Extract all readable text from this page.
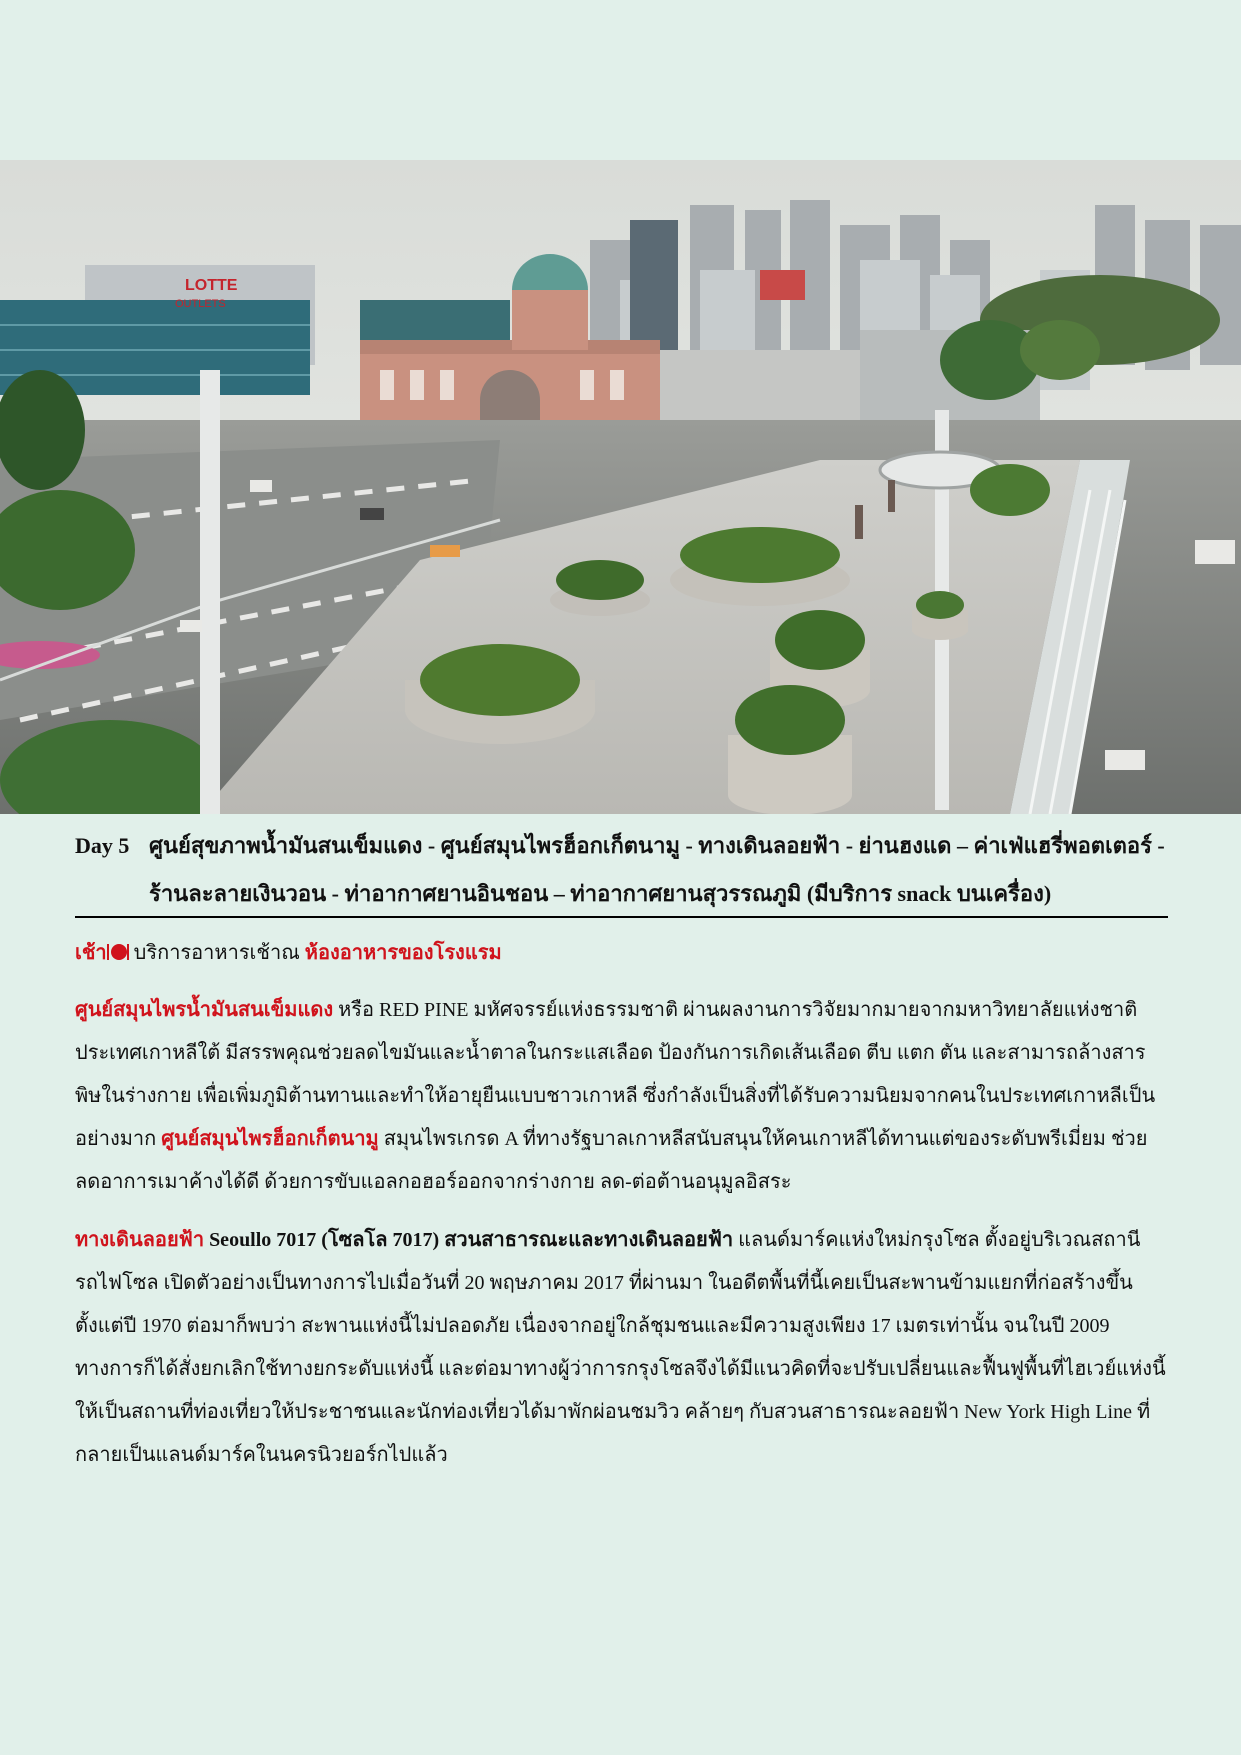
LOTTE
OUTLETS
Day 5 ศูนย์สุขภาพน้ำมันสนเข็มแดง - ศูนย์สมุนไพรฮ็อกเก็ตนามู - ทางเดินลอยฟ้า - ย่านฮงแด – ค่าเฟ่แฮรี่พอตเตอร์ -
ร้านละลายเงินวอน - ท่าอากาศยานอินชอน – ท่าอากาศยานสุวรรณภูมิ (มีบริการ snack บนเครื่อง)
เช้า บริการอาหารเช้าณ ห้องอาหารของโรงแรม
ศูนย์สมุนไพรน้ำมันสนเข็มแดง หรือ RED PINE มหัศจรรย์แห่งธรรมชาติ ผ่านผลงานการวิจัยมากมายจากมหาวิทยาลัยแห่งชาติ ประเทศเกาหลีใต้ มีสรรพคุณช่วยลดไขมันและน้ำตาลในกระแสเลือด ป้องกันการเกิดเส้นเลือด ตีบ แตก ตัน และสามารถล้างสารพิษในร่างกาย เพื่อเพิ่มภูมิต้านทานและทำให้อายุยืนแบบชาวเกาหลี ซึ่งกำลังเป็นสิ่งที่ได้รับความนิยมจากคนในประเทศเกาหลีเป็นอย่างมาก ศูนย์สมุนไพรฮ็อกเก็ตนามู สมุนไพรเกรด A ที่ทางรัฐบาลเกาหลีสนับสนุนให้คนเกาหลีได้ทานแต่ของระดับพรีเมี่ยม ช่วยลดอาการเมาค้างได้ดี ด้วยการขับแอลกอฮอร์ออกจากร่างกาย ลด-ต่อต้านอนุมูลอิสระ
ทางเดินลอยฟ้า Seoullo 7017 (โซลโล 7017) สวนสาธารณะและทางเดินลอยฟ้า แลนด์มาร์คแห่งใหม่กรุงโซล ตั้งอยู่บริเวณสถานีรถไฟโซล เปิดตัวอย่างเป็นทางการไปเมื่อวันที่ 20 พฤษภาคม 2017 ที่ผ่านมา ในอดีตพื้นที่นี้เคยเป็นสะพานข้ามแยกที่ก่อสร้างขึ้นตั้งแต่ปี 1970 ต่อมาก็พบว่า สะพานแห่งนี้ไม่ปลอดภัย เนื่องจากอยู่ใกล้ชุมชนและมีความสูงเพียง 17 เมตรเท่านั้น จนในปี 2009 ทางการก็ได้สั่งยกเลิกใช้ทางยกระดับแห่งนี้ และต่อมาทางผู้ว่าการกรุงโซลจึงได้มีแนวคิดที่จะปรับเปลี่ยนและฟื้นฟูพื้นที่ไฮเวย์แห่งนี้ ให้เป็นสถานที่ท่องเที่ยวให้ประชาชนและนักท่องเที่ยวได้มาพักผ่อนชมวิว คล้ายๆ กับสวนสาธารณะลอยฟ้า New York High Line ที่กลายเป็นแลนด์มาร์คในนครนิวยอร์กไปแล้ว
